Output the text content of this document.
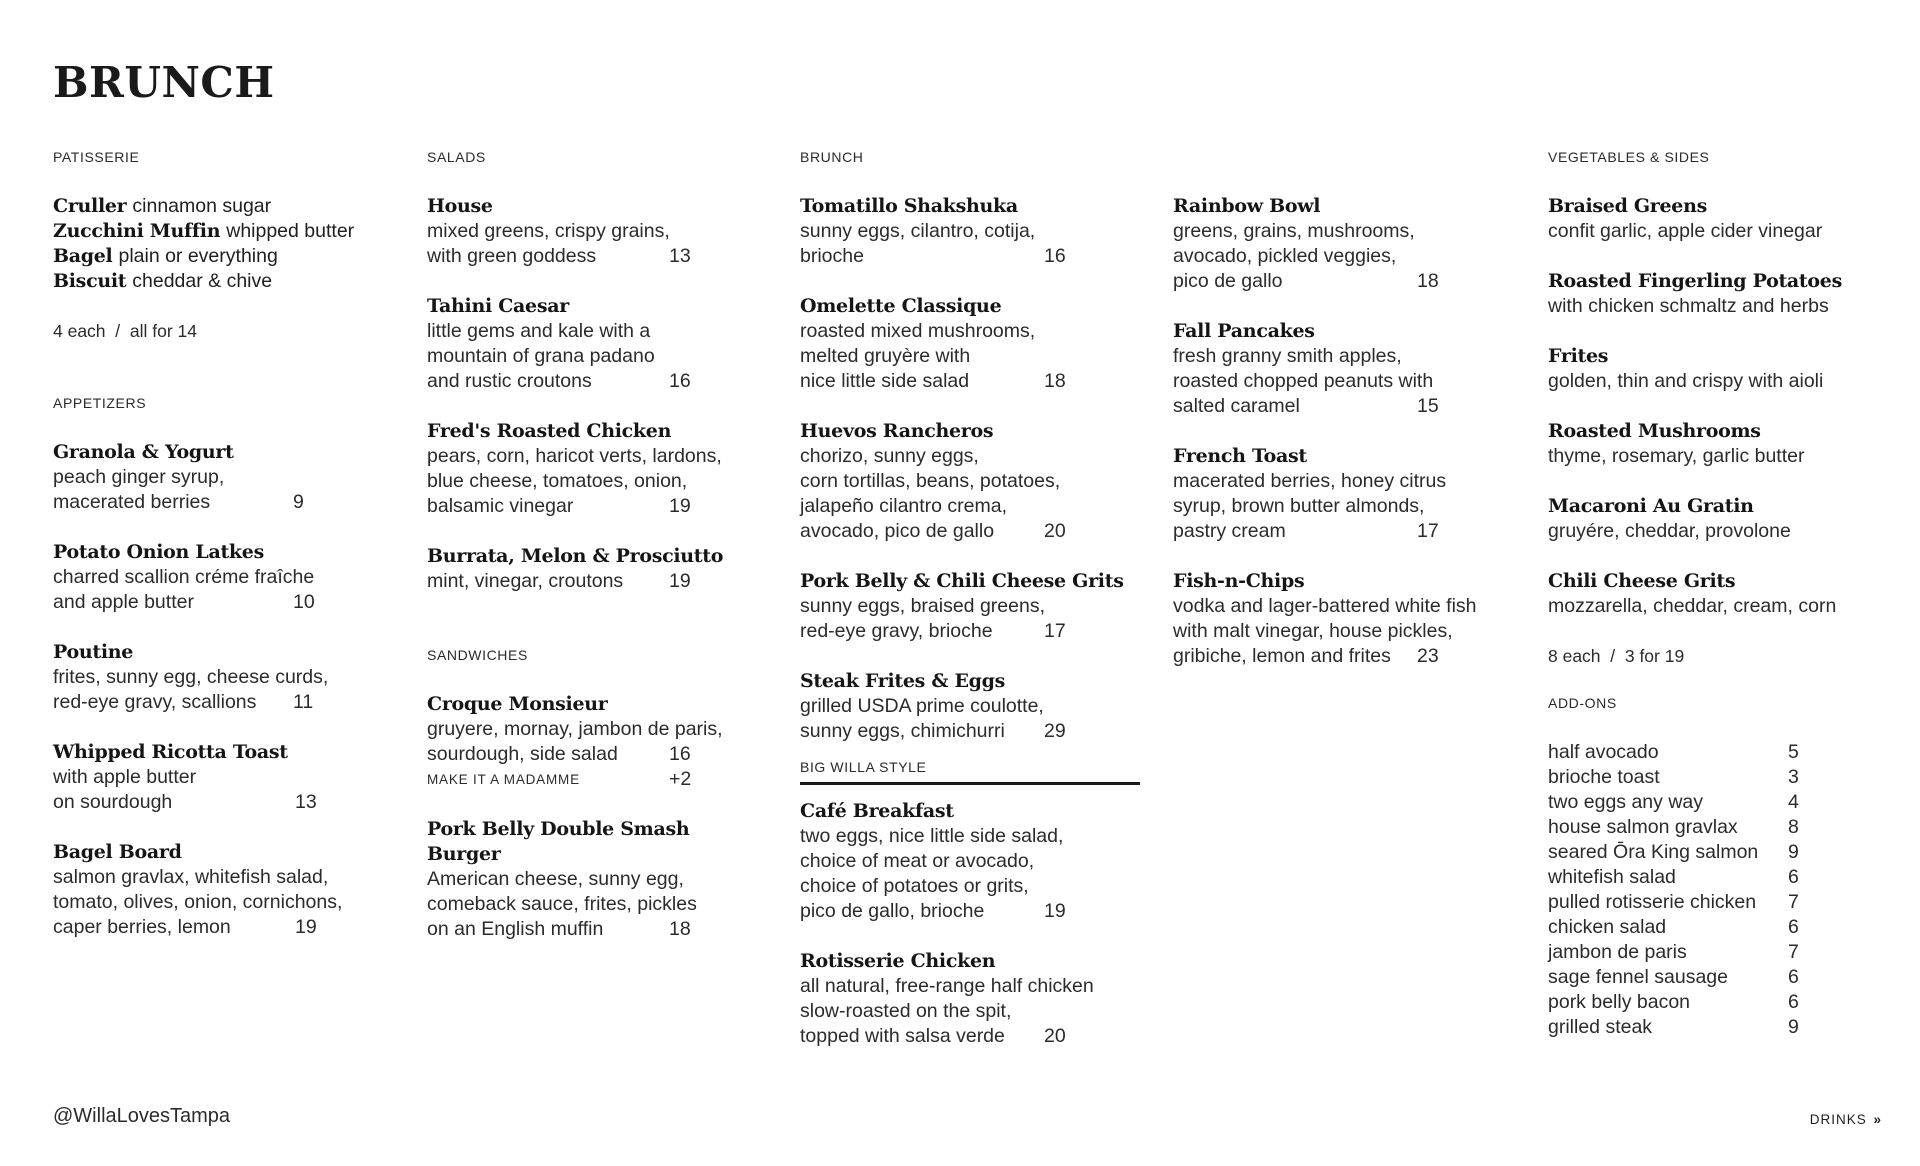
BRUNCH
PATISSERIE
Cruller cinnamon sugar
Zucchini Muffin whipped butter
Bagel plain or everything
Biscuit cheddar & chive
4 each  /  all for 14
APPETIZERS
Granola & Yogurt
peach ginger syrup,
macerated berries	9
Potato Onion Latkes
charred scallion créme fraîche
and apple butter	10
Poutine
frites, sunny egg, cheese curds,
red-eye gravy, scallions 11
Whipped Ricotta Toast
with apple butter
on sourdough	13
Bagel Board
salmon gravlax, whitefish salad,
tomato, olives, onion, cornichons,
caper berries, lemon	19
SALADS
House
mixed greens, crispy grains,
with green goddess	13
Tahini Caesar
little gems and kale with a
mountain of grana padano
and rustic croutons	16
Fred's Roasted Chicken
pears, corn, haricot verts, lardons,
blue cheese, tomatoes, onion,
balsamic vinegar	19
Burrata, Melon & Prosciutto
mint, vinegar, croutons 19
SANDWICHES
Croque Monsieur
gruyere, mornay, jambon de paris,
sourdough, side salad	16
MAKE IT A MADAMME	+2
Pork Belly Double Smash Burger
American cheese, sunny egg,
comeback sauce, frites, pickles
on an English muffin	18
BRUNCH
Tomatillo Shakshuka
sunny eggs, cilantro, cotija,
brioche	16
Omelette Classique
roasted mixed mushrooms,
melted gruyère with
nice little side salad	18
Huevos Rancheros
chorizo, sunny eggs,
corn tortillas, beans, potatoes,
jalapeño cilantro crema,
avocado, pico de gallo	20
Pork Belly & Chili Cheese Grits
sunny eggs, braised greens,
red-eye gravy, brioche	17
Steak Frites & Eggs
grilled USDA prime coulotte,
sunny eggs, chimichurri 29
BIG WILLA STYLE
Café Breakfast
two eggs, nice little side salad,
choice of meat or avocado,
choice of potatoes or grits,
pico de gallo, brioche	19
Rotisserie Chicken
all natural, free-range half chicken
slow-roasted on the spit,
topped with salsa verde 20
Rainbow Bowl
greens, grains, mushrooms,
avocado, pickled veggies,
pico de gallo	18
Fall Pancakes
fresh granny smith apples,
roasted chopped peanuts with
salted caramel	15
French Toast
macerated berries, honey citrus
syrup, brown butter almonds,
pastry cream	17
Fish-n-Chips
vodka and lager-battered white fish
with malt vinegar, house pickles,
gribiche, lemon and frites 23
VEGETABLES & SIDES
Braised Greens
confit garlic, apple cider vinegar
Roasted Fingerling Potatoes
with chicken schmaltz and herbs
Frites
golden, thin and crispy with aioli
Roasted Mushrooms
thyme, rosemary, garlic butter
Macaroni Au Gratin
gruyére, cheddar, provolone
Chili Cheese Grits
mozzarella, cheddar, cream, corn
8 each  /  3 for 19
ADD-ONS
half avocado	5
brioche toast	3
two eggs any way	4
house salmon gravlax	8
seared Ōra King salmon 9
whitefish salad	6
pulled rotisserie chicken 7
chicken salad	6
jambon de paris	7
sage fennel sausage	6
pork belly bacon	6
grilled steak	9
@WillaLovesTampa	DRINKS »
